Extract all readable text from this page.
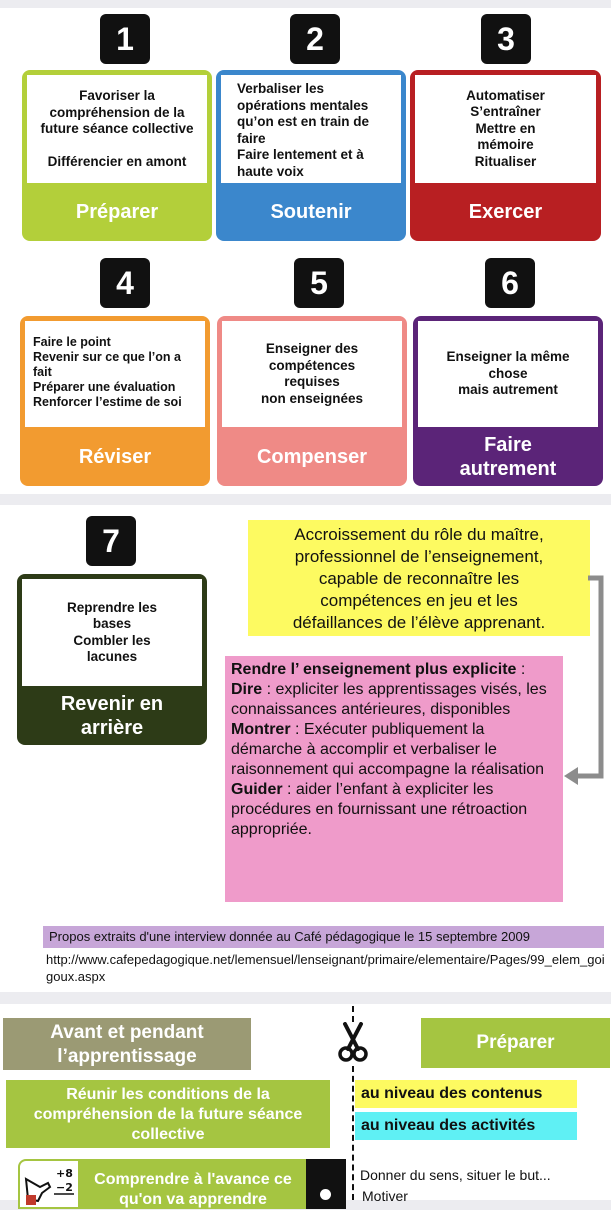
1	2	3
4	5	6
7
Favoriser la
compréhension de la
future séance collective
Différencier en amont
Préparer
Verbaliser les
opérations mentales
qu’on est en train de
faire
Faire lentement et à
haute voix
Soutenir
Automatiser
S’entraîner
Mettre en
mémoire
Ritualiser
Exercer
Faire le point
Revenir sur ce que l’on a
fait
Préparer une évaluation
Renforcer l’estime de soi
Réviser
Enseigner des
compétences
requises
non enseignées
Compenser
Enseigner la même
chose
mais autrement
Faire autrement
Reprendre les
bases
Combler les
lacunes
Revenir en arrière
Accroissement du rôle du maître,
professionnel de l’enseignement,
capable de reconnaître les
compétences en jeu et les
défaillances de l’élève apprenant.
Rendre l’ enseignement plus explicite :
Dire : expliciter les apprentissages visés, les connaissances antérieures, disponibles
Montrer : Exécuter publiquement la démarche à accomplir et verbaliser le raisonnement qui accompagne la réalisation
Guider : aider l’enfant à expliciter les procédures en fournissant une rétroaction appropriée.
Propos extraits d'une interview donnée au Café pédagogique le 15 septembre 2009
http://www.cafepedagogique.net/lemensuel/lenseignant/primaire/elementaire/Pages/99_elem_goigoux.aspx
Avant et pendant l’apprentissage
Préparer
Réunir les conditions de la compréhension de la future séance collective
au niveau des contenus
au niveau des activités
+8
−2	Comprendre à l'avance ce qu'on va apprendre
Donner du sens, situer le but...
Motiver
